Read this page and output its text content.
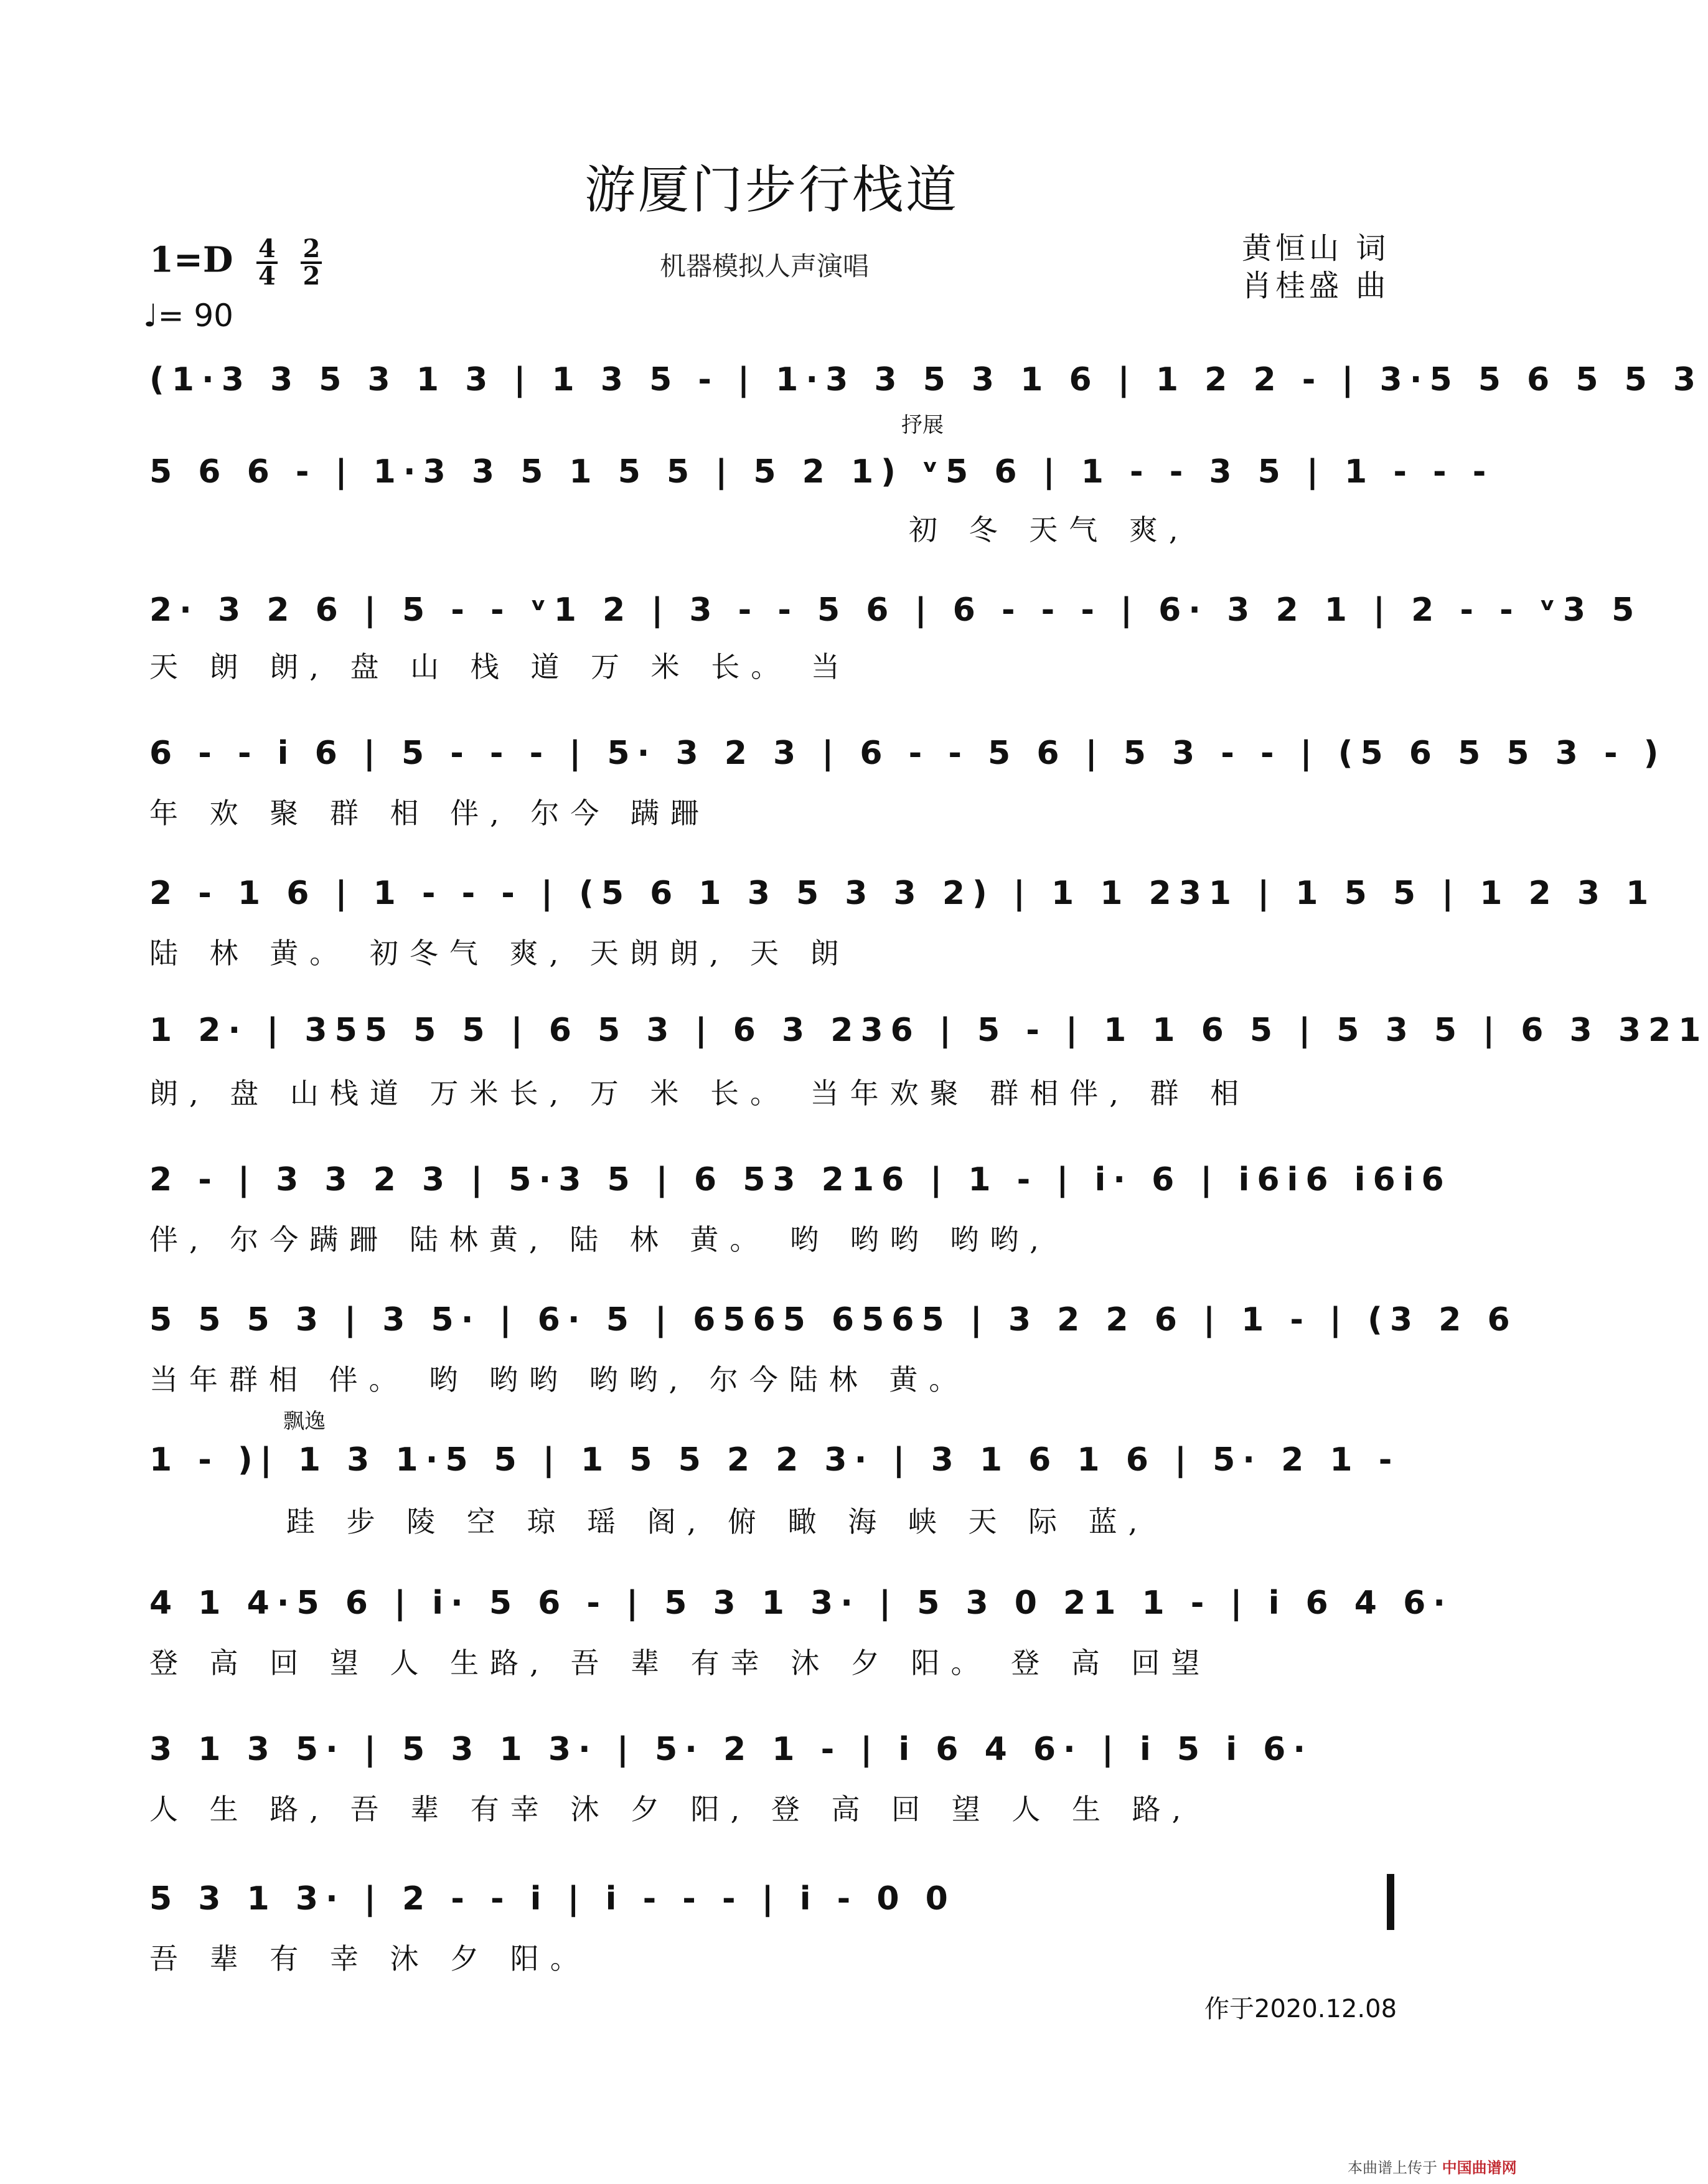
游厦门步行栈道
$1=D \frac{4}{4}$
$\frac{2}{2}$
♩= 90
机器模拟人声演唱
黄恒山 词
肖桂盛 曲
抒展
飘逸
(1·3 3 5 3 1 3 | 1 3 5 - | 1·3 3 5 3 1 6 | 1 2 2 - | 3·5 5 6 5 5 3
5 6 6 - | 1·3 3 5 1 5 5 | 5 2 1) ᵛ5 6 | 1 - - 3 5 | 1 - - -
初 冬 天气 爽,
2· 3 2 6 | 5 - - ᵛ1 2 | 3 - - 5 6 | 6 - - - | 6· 3 2 1 | 2 - - ᵛ3 5
天 朗 朗, 盘 山 栈 道 万 米 长。 当
6 - - i 6 | 5 - - - | 5· 3 2 3 | 6 - - 5 6 | 5 3 - - | (5 6 5 5 3 - )
年 欢 聚 群 相 伴, 尔今 蹒跚
2 - 1 6 | 1 - - - | (5 6 1 3 5 3 3 2) | 1 1 231 | 1 5 5 | 1 2 3 1
陆 林 黄。 初冬气 爽, 天朗朗, 天 朗
1 2· | 355 5 5 | 6 5 3 | 6 3 236 | 5 - | 1 1 6 5 | 5 3 5 | 6 3 321
朗, 盘 山栈道 万米长, 万 米 长。 当年欢聚 群相伴, 群 相
2 - | 3 3 2 3 | 5·3 5 | 6 53 216 | 1 - | i· 6 | i6i6 i6i6
伴, 尔今蹒跚 陆林黄, 陆 林 黄。 哟 哟哟 哟哟,
5 5 5 3 | 3 5· | 6· 5 | 6565 6565 | 3 2 2 6 | 1 - | (3 2 6
当年群相 伴。 哟 哟哟 哟哟, 尔今陆林 黄。
1 - )| 1 3 1·5 5 | 1 5 5 2 2 3· | 3 1 6 1 6 | 5· 2 1 -
跬 步 陵 空 琼 瑶 阁, 俯 瞰 海 峡 天 际 蓝,
4 1 4·5 6 | i· 5 6 - | 5 3 1 3· | 5 3 0 21 1 - | i 6 4 6·
登 高 回 望 人 生路, 吾 辈 有幸 沐 夕 阳。 登 高 回望
3 1 3 5· | 5 3 1 3· | 5· 2 1 - | i 6 4 6· | i 5 i 6·
人 生 路, 吾 辈 有幸 沐 夕 阳, 登 高 回 望 人 生 路,
5 3 1 3· | 2 - - i | i - - - | i - 0 0
吾 辈 有 幸 沐 夕 阳。
作于2020.12.08
本曲谱上传于 中国曲谱网
